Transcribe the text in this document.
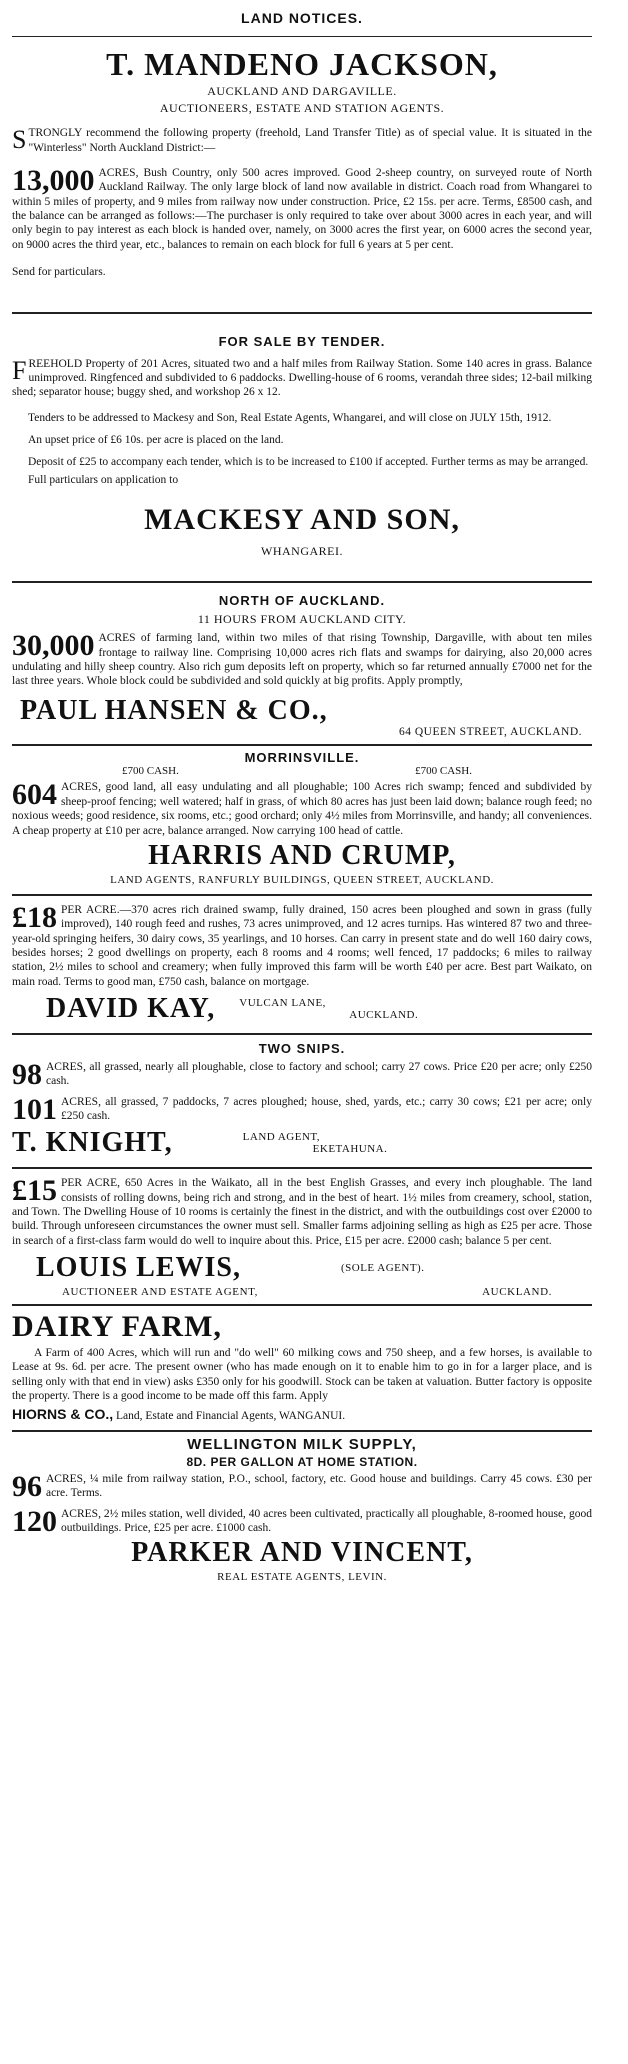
LAND NOTICES.
T. MANDENO JACKSON,
AUCKLAND AND DARGAVILLE.
AUCTIONEERS, ESTATE AND STATION AGENTS.

S TRONGLY recommend the following property (freehold, Land Transfer Title) as of special value. It is situated in the "Winterless" North Auckland District:—

13,000 ACRES, Bush Country, only 500 acres improved. Good 2-sheep country, on surveyed route of North Auckland Railway. The only large block of land now available in district. Coach road from Whangarei to within 5 miles of property, and 9 miles from railway now under construction. Price, £2 15s. per acre. Terms, £8500 cash, and the balance can be arranged as follows:—The purchaser is only required to take over about 3000 acres in each year, and will only begin to pay interest as each block is handed over, namely, on 3000 acres the first year, on 6000 acres the second year, on 9000 acres the third year, etc., balances to remain on each block for full 6 years at 5 per cent.

Send for particulars.

FOR SALE BY TENDER.

F REEHOLD Property of 201 Acres, situated two and a half miles from Railway Station. Some 140 acres in grass. Balance unimproved. Ringfenced and subdivided to 6 paddocks. Dwelling-house of 6 rooms, verandah three sides; 12-bail milking shed; separator house; buggy shed, and workshop 26 x 12.

Tenders to be addressed to Mackesy and Son, Real Estate Agents, Whangarei, and will close on JULY 15th, 1912.

An upset price of £6 10s. per acre is placed on the land.

Deposit of £25 to accompany each tender, which is to be increased to £100 if accepted. Further terms as may be arranged.

Full particulars on application to

MACKESY AND SON,
WHANGAREI.
NORTH OF AUCKLAND.
11 HOURS FROM AUCKLAND CITY.

30,000 ACRES of farming land, within two miles of that rising Township, Dargaville, with about ten miles frontage to railway line. Comprising 10,000 acres rich flats and swamps for dairying, also 20,000 acres undulating and hilly sheep country. Also rich gum deposits left on property, which so far returned annually £7000 net for the last three years. Whole block could be subdivided and sold quickly at big profits. Apply promptly,

PAUL HANSEN & CO.,
64 QUEEN STREET, AUCKLAND.
MORRINSVILLE.
£700 CASH.	£700 CASH.

604 ACRES, good land, all easy undulating and all ploughable; 100 Acres rich swamp; fenced and subdivided by sheep-proof fencing; well watered; half in grass, of which 80 acres has just been laid down; balance rough feed; no noxious weeds; good residence, six rooms, etc.; good orchard; only 4½ miles from Morrinsville, and handy; all conveniences. A cheap property at £10 per acre, balance arranged. Now carrying 100 head of cattle.

HARRIS AND CRUMP,
LAND AGENTS, RANFURLY BUILDINGS, QUEEN STREET, AUCKLAND.

£18 PER ACRE.—370 acres rich drained swamp, fully drained, 150 acres been ploughed and sown in grass (fully improved), 140 rough feed and rushes, 73 acres unimproved, and 12 acres turnips. Has wintered 87 two and three-year-old springing heifers, 30 dairy cows, 35 yearlings, and 10 horses. Can carry in present state and do well 160 dairy cows, besides horses; 2 good dwellings on property, each 8 rooms and 4 rooms; well fenced, 17 paddocks; 6 miles to railway station, 2½ miles to school and creamery; when fully improved this farm will be worth £40 per acre. Best part Waikato, on main road. Terms to good man, £750 cash, balance on mortgage.

DAVID KAY, VULCAN LANE,
AUCKLAND.
TWO SNIPS.

98 ACRES, all grassed, nearly all ploughable, close to factory and school; carry 27 cows. Price £20 per acre; only £250 cash.

101 ACRES, all grassed, 7 paddocks, 7 acres ploughed; house, shed, yards, etc.; carry 30 cows; £21 per acre; only £250 cash.

T. KNIGHT,	LAND AGENT,
EKETAHUNA.

£15 PER ACRE, 650 Acres in the Waikato, all in the best English Grasses, and every inch ploughable. The land consists of rolling downs, being rich and strong, and in the best of heart. 1½ miles from creamery, school, station, and Town. The Dwelling House of 10 rooms is certainly the finest in the district, and with the outbuildings cost over £2000 to build. Through unforeseen circumstances the owner must sell. Smaller farms adjoining selling as high as £25 per acre. Those in search of a first-class farm would do well to inquire about this. Price, £15 per acre. £2000 cash; balance 5 per cent.

LOUIS LEWIS,	(SOLE AGENT).
AUCTIONEER AND ESTATE AGENT,	AUCKLAND.
DAIRY FARM,

A Farm of 400 Acres, which will run and "do well" 60 milking cows and 750 sheep, and a few horses, is available to Lease at 9s. 6d. per acre. The present owner (who has made enough on it to enable him to go in for a larger place, and is selling only with that end in view) asks £350 only for his goodwill. Stock can be taken at valuation. Butter factory is opposite the property. There is a good income to be made off this farm. Apply

HIORNS & CO., Land, Estate and Financial Agents, WANGANUI.

WELLINGTON MILK SUPPLY,
8D. PER GALLON AT HOME STATION.

96 ACRES, ¼ mile from railway station, P.O., school, factory, etc. Good house and buildings. Carry 45 cows. £30 per acre. Terms.

120 ACRES, 2½ miles station, well divided, 40 acres been cultivated, practically all ploughable, 8-roomed house, good outbuildings. Price, £25 per acre. £1000 cash.

PARKER AND VINCENT,
REAL ESTATE AGENTS, LEVIN.
